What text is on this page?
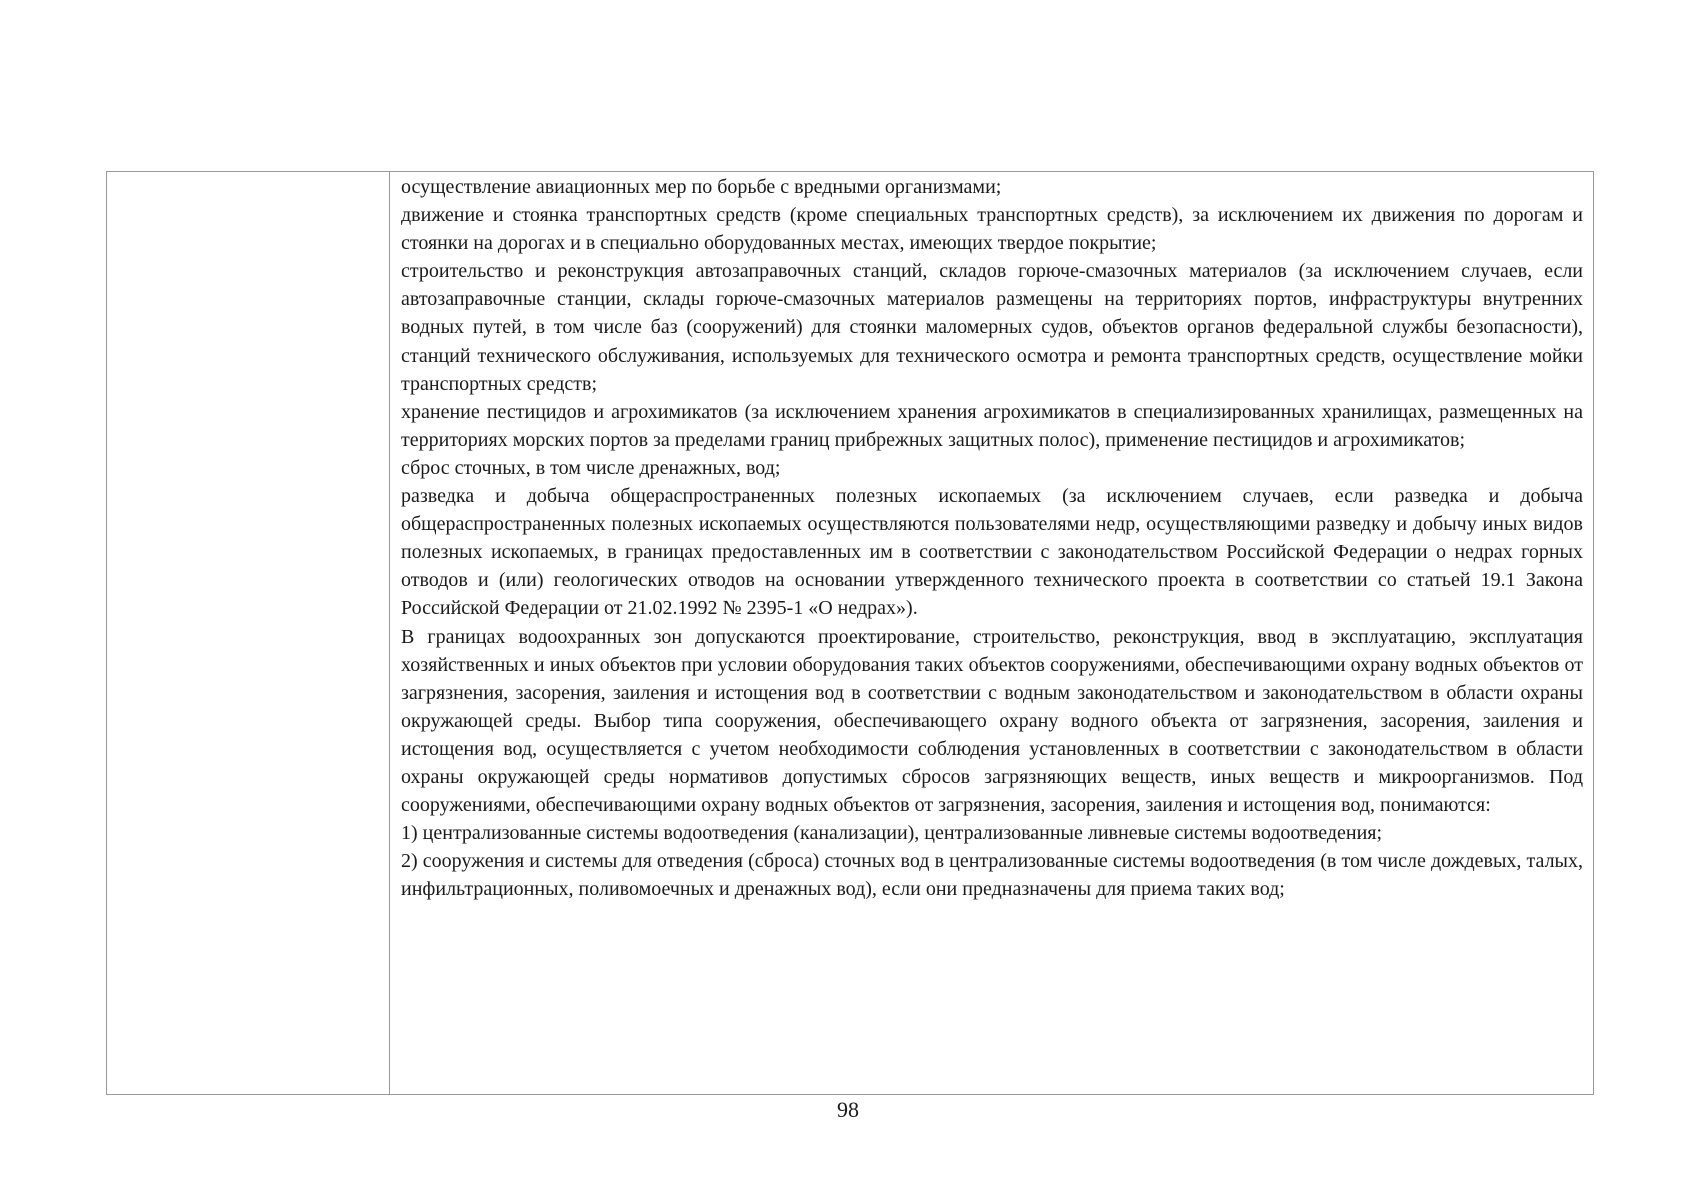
осуществление авиационных мер по борьбе с вредными организмами;

движение и стоянка транспортных средств (кроме специальных транспортных средств), за исключением их движения по дорогам и стоянки на дорогах и в специально оборудованных местах, имеющих твердое покрытие;

строительство и реконструкция автозаправочных станций, складов горюче-смазочных материалов (за исключением случаев, если автозаправочные станции, склады горюче-смазочных материалов размещены на территориях портов, инфраструктуры внутренних водных путей, в том числе баз (сооружений) для стоянки маломерных судов, объектов органов федеральной службы безопасности), станций технического обслуживания, используемых для технического осмотра и ремонта транспортных средств, осуществление мойки транспортных средств;

хранение пестицидов и агрохимикатов (за исключением хранения агрохимикатов в специализированных хранилищах, размещенных на территориях морских портов за пределами границ прибрежных защитных полос), применение пестицидов и агрохимикатов;

сброс сточных, в том числе дренажных, вод;

разведка и добыча общераспространенных полезных ископаемых (за исключением случаев, если разведка и добыча общераспространенных полезных ископаемых осуществляются пользователями недр, осуществляющими разведку и добычу иных видов полезных ископаемых, в границах предоставленных им в соответствии с законодательством Российской Федерации о недрах горных отводов и (или) геологических отводов на основании утвержденного технического проекта в соответствии со статьей 19.1 Закона Российской Федерации от 21.02.1992 № 2395-1 «О недрах»).

В границах водоохранных зон допускаются проектирование, строительство, реконструкция, ввод в эксплуатацию, эксплуатация хозяйственных и иных объектов при условии оборудования таких объектов сооружениями, обеспечивающими охрану водных объектов от загрязнения, засорения, заиления и истощения вод в соответствии с водным законодательством и законодательством в области охраны окружающей среды. Выбор типа сооружения, обеспечивающего охрану водного объекта от загрязнения, засорения, заиления и истощения вод, осуществляется с учетом необходимости соблюдения установленных в соответствии с законодательством в области охраны окружающей среды нормативов допустимых сбросов загрязняющих веществ, иных веществ и микроорганизмов. Под сооружениями, обеспечивающими охрану водных объектов от загрязнения, засорения, заиления и истощения вод, понимаются:

1) централизованные системы водоотведения (канализации), централизованные ливневые системы водоотведения;

2) сооружения и системы для отведения (сброса) сточных вод в централизованные системы водоотведения (в том числе дождевых, талых, инфильтрационных, поливомоечных и дренажных вод), если они предназначены для приема таких вод;

98
